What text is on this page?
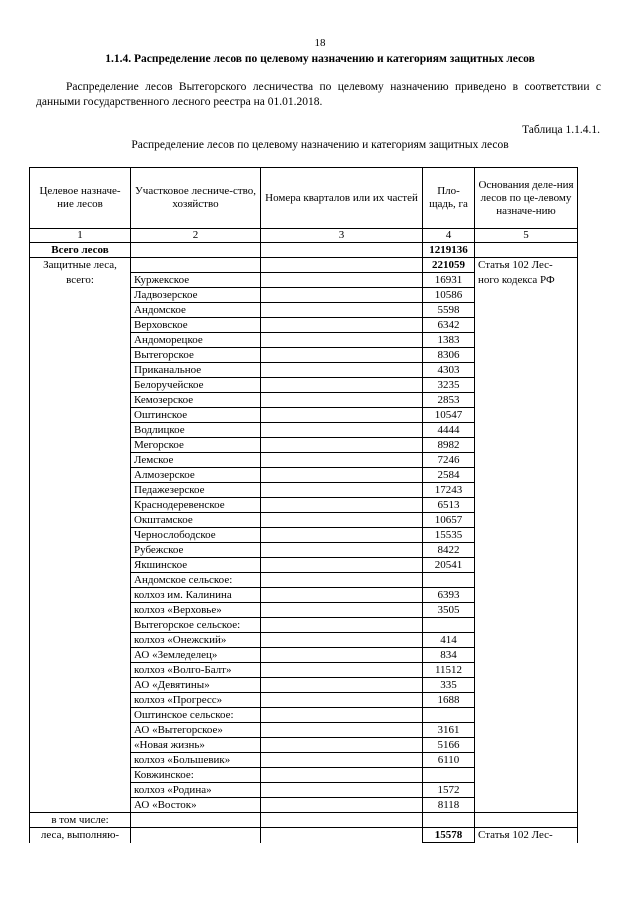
18
1.1.4. Распределение лесов по целевому назначению и категориям защитных лесов
Распределение лесов Вытегорского лесничества по целевому назначению приведено в соответствии с данными государственного лесного реестра на 01.01.2018.
Таблица 1.1.4.1.
Распределение лесов по целевому назначению и категориям защитных лесов
Целевое назначе-ние лесов	Участковое лесниче-ство, хозяйство	Номера кварталов или их частей	Пло-щадь, га	Основания деле-ния лесов по це-левому назначе-нию
1	2	3	4	5
Всего лесов			1219136	
Защитные леса,			221059	Статья 102 Лес-
всего:	Куржекское		16931	ного кодекса РФ
	Ладвозерское		10586	
	Андомское		5598	
	Верховское		6342	
	Андоморецкое		1383	
	Вытегорское		8306	
	Приканальное		4303	
	Белоручейское		3235	
	Кемозерское		2853	
	Оштинское		10547	
	Водлицкое		4444	
	Мегорское		8982	
	Лемское		7246	
	Алмозерское		2584	
	Педажезерское		17243	
	Краснодеревенское		6513	
	Окштамское		10657	
	Чернослободское		15535	
	Рубежское		8422	
	Якшинское		20541	
	Андомское сельское:			
	колхоз им. Калинина		6393	
	колхоз «Верховье»		3505	
	Вытегорское сельское:			
	колхоз «Онежский»		414	
	АО «Земледелец»		834	
	колхоз «Волго-Балт»		11512	
	АО «Девятины»		335	
	колхоз «Прогресс»		1688	
	Оштинское сельское:			
	АО «Вытегорское»		3161	
	«Новая жизнь»		5166	
	колхоз «Большевик»		6110	
	Ковжинское:			
	колхоз «Родина»		1572	
	АО «Восток»		8118	
в том числе:				
леса, выполняю-			15578	Статья 102 Лес-
